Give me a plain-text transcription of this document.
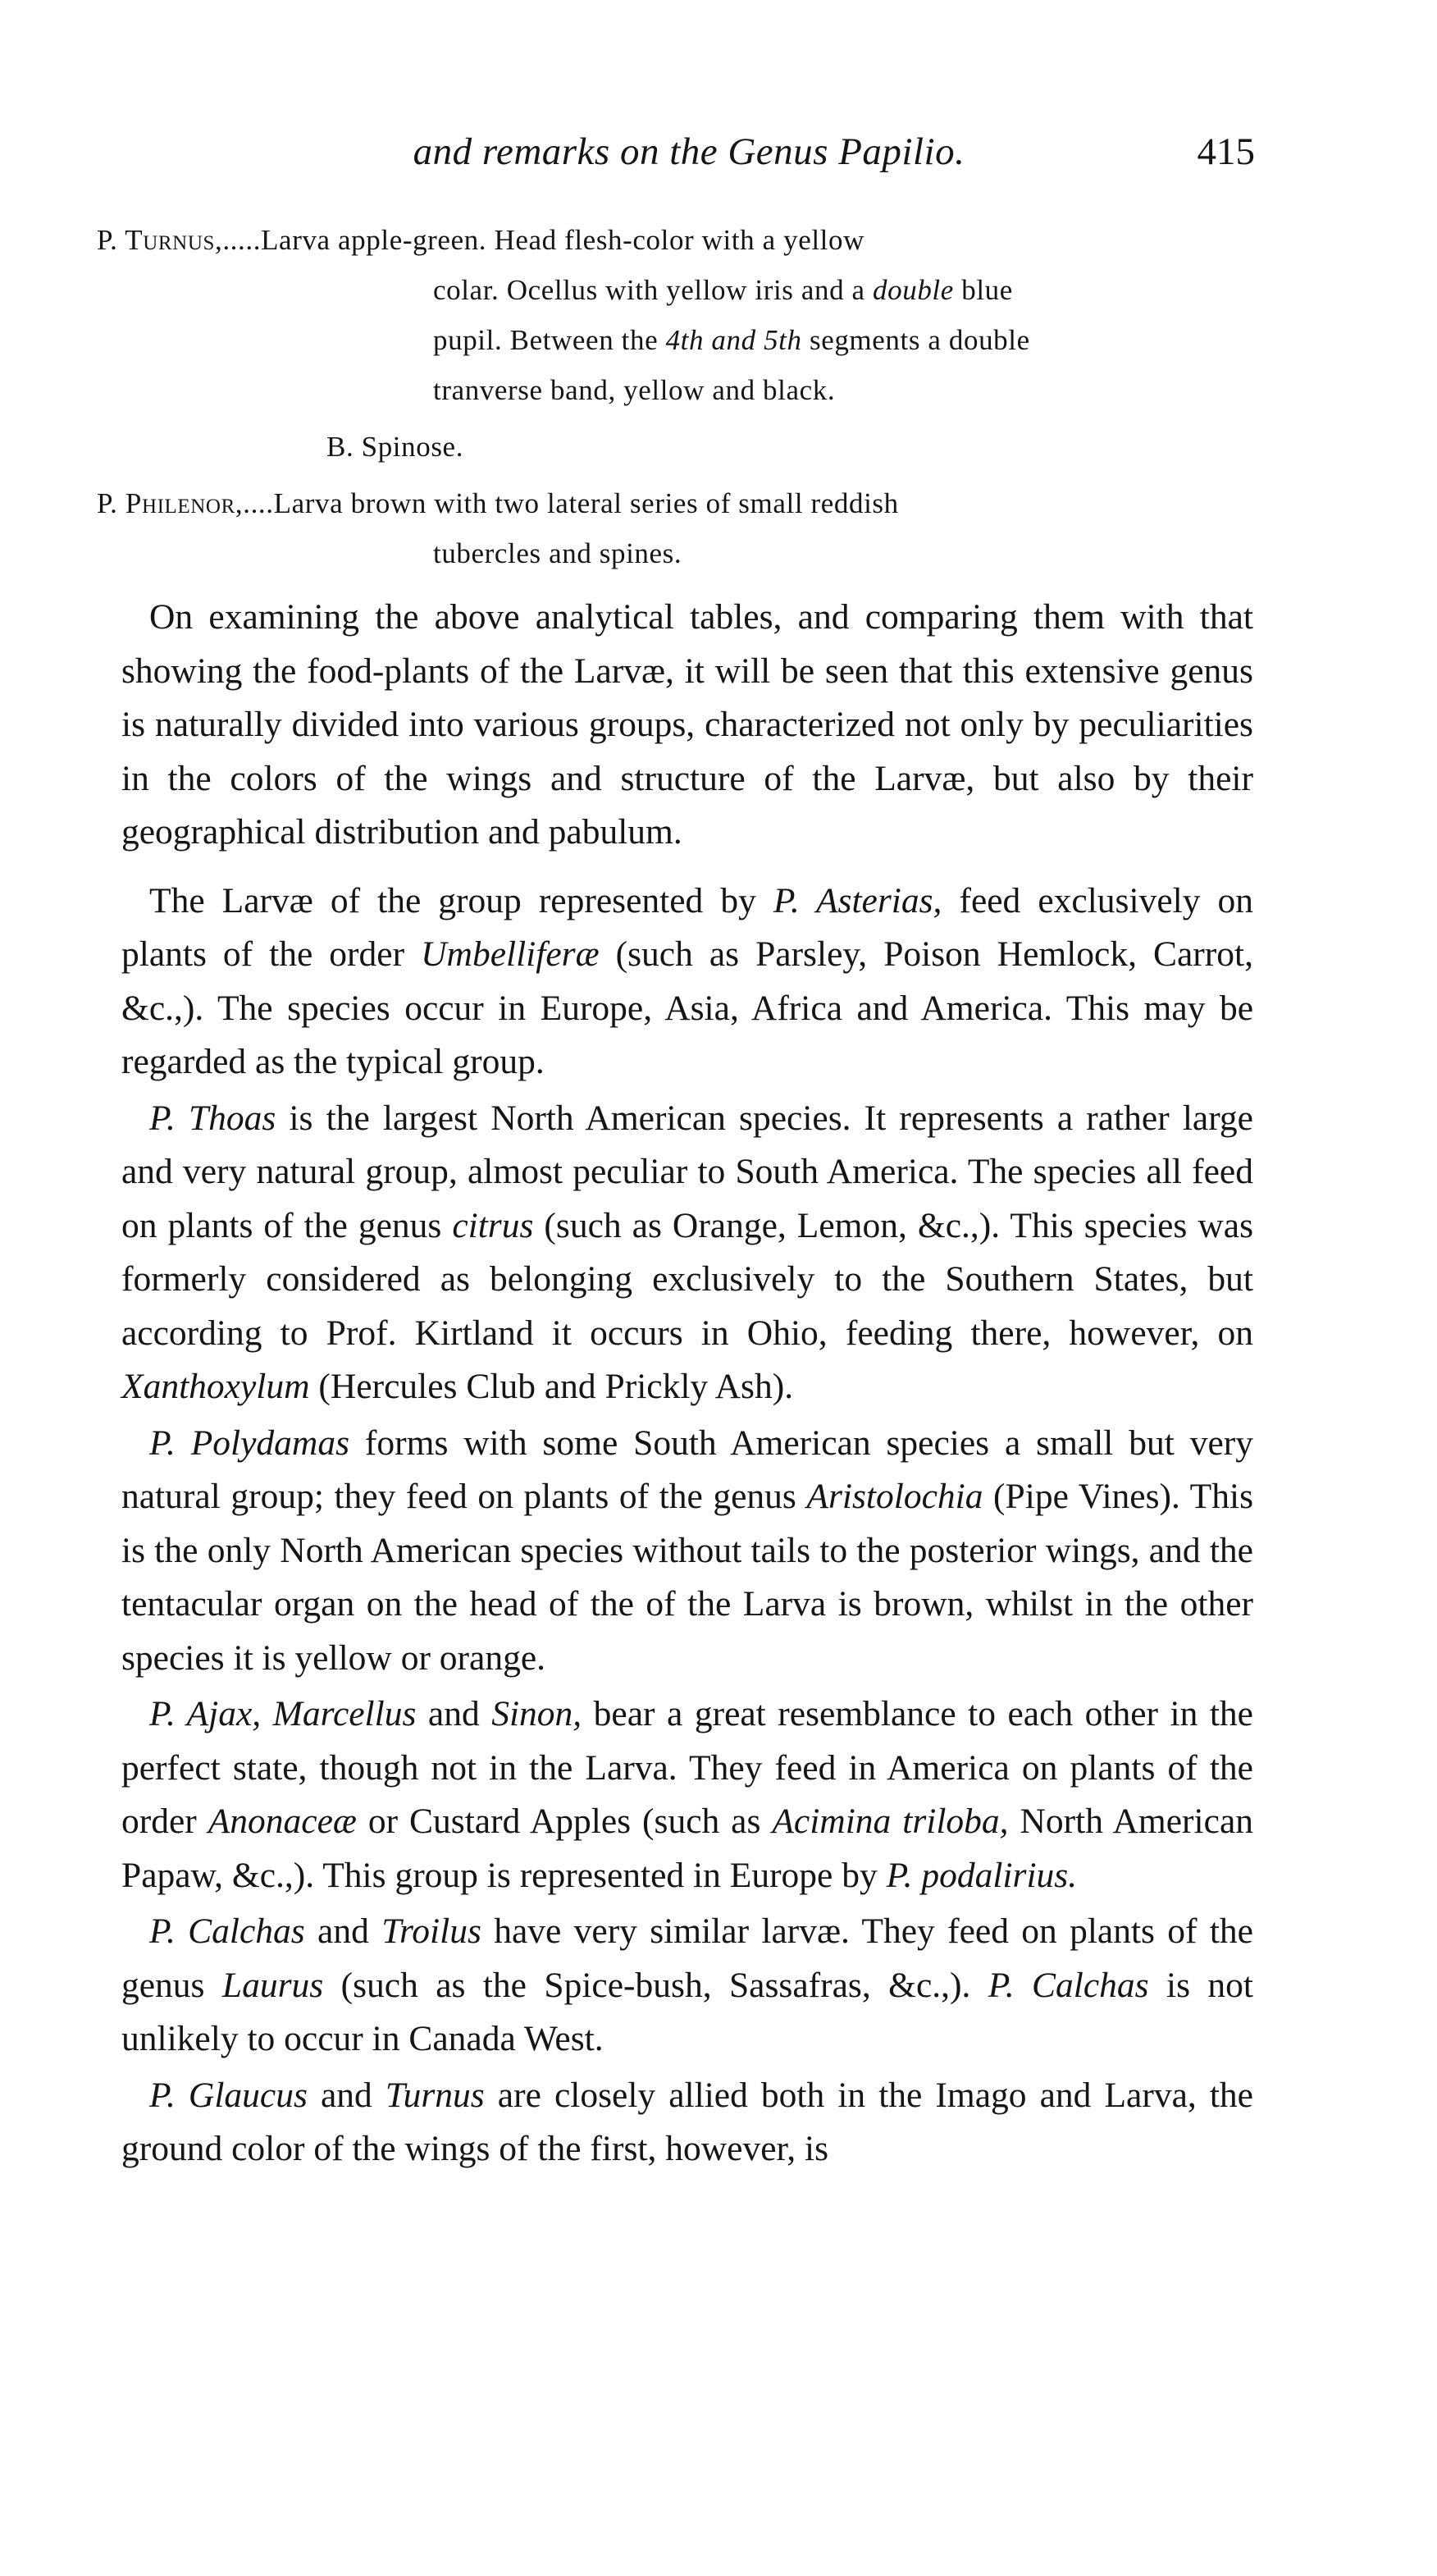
and remarks on the Genus Papilio.	415
P. Turnus,.....Larva apple-green. Head flesh-color with a yellow
colar. Ocellus with yellow iris and a double blue
pupil. Between the 4th and 5th segments a double
tranverse band, yellow and black.
B. Spinose.
P. Philenor,....Larva brown with two lateral series of small reddish
tubercles and spines.

On examining the above analytical tables, and comparing them with that showing the food-plants of the Larvæ, it will be seen that this extensive genus is naturally divided into various groups, characterized not only by peculiarities in the colors of the wings and structure of the Larvæ, but also by their geographical distribution and pabulum.

The Larvæ of the group represented by P. Asterias, feed exclusively on plants of the order Umbelliferæ (such as Parsley, Poison Hemlock, Carrot, &c.,). The species occur in Europe, Asia, Africa and America. This may be regarded as the typical group.

P. Thoas is the largest North American species. It represents a rather large and very natural group, almost peculiar to South America. The species all feed on plants of the genus citrus (such as Orange, Lemon, &c.,). This species was formerly considered as belonging exclusively to the Southern States, but according to Prof. Kirtland it occurs in Ohio, feeding there, however, on Xanthoxylum (Hercules Club and Prickly Ash).

P. Polydamas forms with some South American species a small but very natural group; they feed on plants of the genus Aristolochia (Pipe Vines). This is the only North American species without tails to the posterior wings, and the tentacular organ on the head of the of the Larva is brown, whilst in the other species it is yellow or orange.

P. Ajax, Marcellus and Sinon, bear a great resemblance to each other in the perfect state, though not in the Larva. They feed in America on plants of the order Anonaceæ or Custard Apples (such as Acimina triloba, North American Papaw, &c.,). This group is represented in Europe by P. podalirius.

P. Calchas and Troilus have very similar larvæ. They feed on plants of the genus Laurus (such as the Spice-bush, Sassafras, &c.,). P. Calchas is not unlikely to occur in Canada West.

P. Glaucus and Turnus are closely allied both in the Imago and Larva, the ground color of the wings of the first, however, is
